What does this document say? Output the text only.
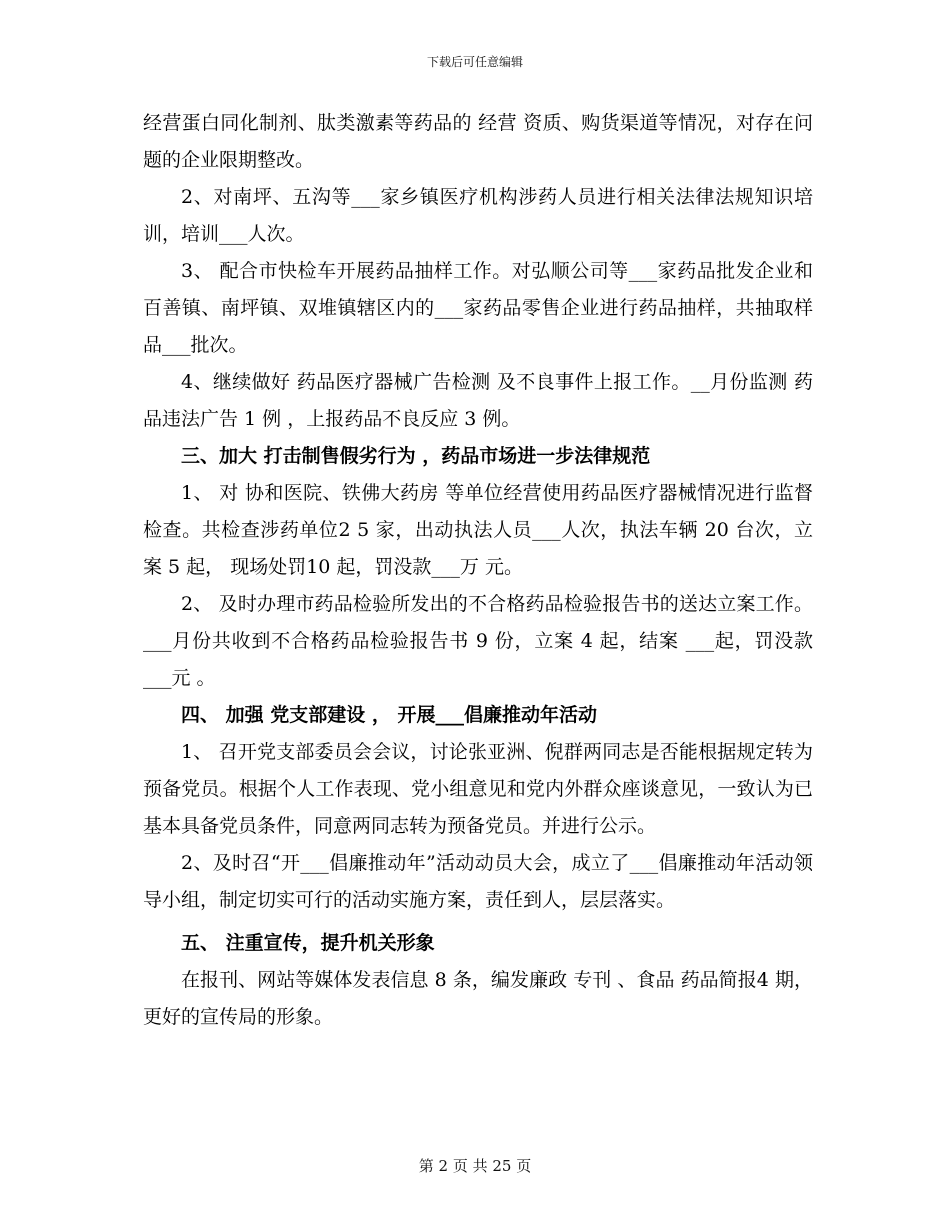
下载后可任意编辑

经营蛋白同化制剂、肽类激素等药品的 经营 资质、购货渠道等情况，对存在问题的企业限期整改。

2、对南坪、五沟等___家乡镇医疗机构涉药人员进行相关法律法规知识培训，培训___人次。

3、 配合市快检车开展药品抽样工作。对弘顺公司等___家药品批发企业和百善镇、南坪镇、双堆镇辖区内的___家药品零售企业进行药品抽样，共抽取样品___批次。

4、继续做好 药品医疗器械广告检测 及不良事件上报工作。__月份监测 药品违法广告 1 例 ，上报药品不良反应 3 例。

三、加大 打击制售假劣行为 ，药品市场进一步法律规范

1、 对 协和医院、铁佛大药房 等单位经营使用药品医疗器械情况进行监督检查。共检查涉药单位2 5 家，出动执法人员___人次，执法车辆 20 台次，立案 5 起， 现场处罚10 起，罚没款___万 元。

2、 及时办理市药品检验所发出的不合格药品检验报告书的送达立案工作。 ___月份共收到不合格药品检验报告书 9 份，立案 4 起，结案 ___起，罚没款 ___元 。

四、 加强 党支部建设 ， 开展___倡廉推动年活动

1、 召开党支部委员会会议，讨论张亚洲、倪群两同志是否能根据规定转为预备党员。根据个人工作表现、党小组意见和党内外群众座谈意见，一致认为已基本具备党员条件，同意两同志转为预备党员。并进行公示。

2、及时召“开___倡廉推动年”活动动员大会，成立了___倡廉推动年活动领导小组，制定切实可行的活动实施方案，责任到人，层层落实。

五、 注重宣传，提升机关形象

在报刊、网站等媒体发表信息 8 条，编发廉政 专刊 、食品 药品简报4 期，更好的宣传局的形象。

第 2 页 共 25 页
